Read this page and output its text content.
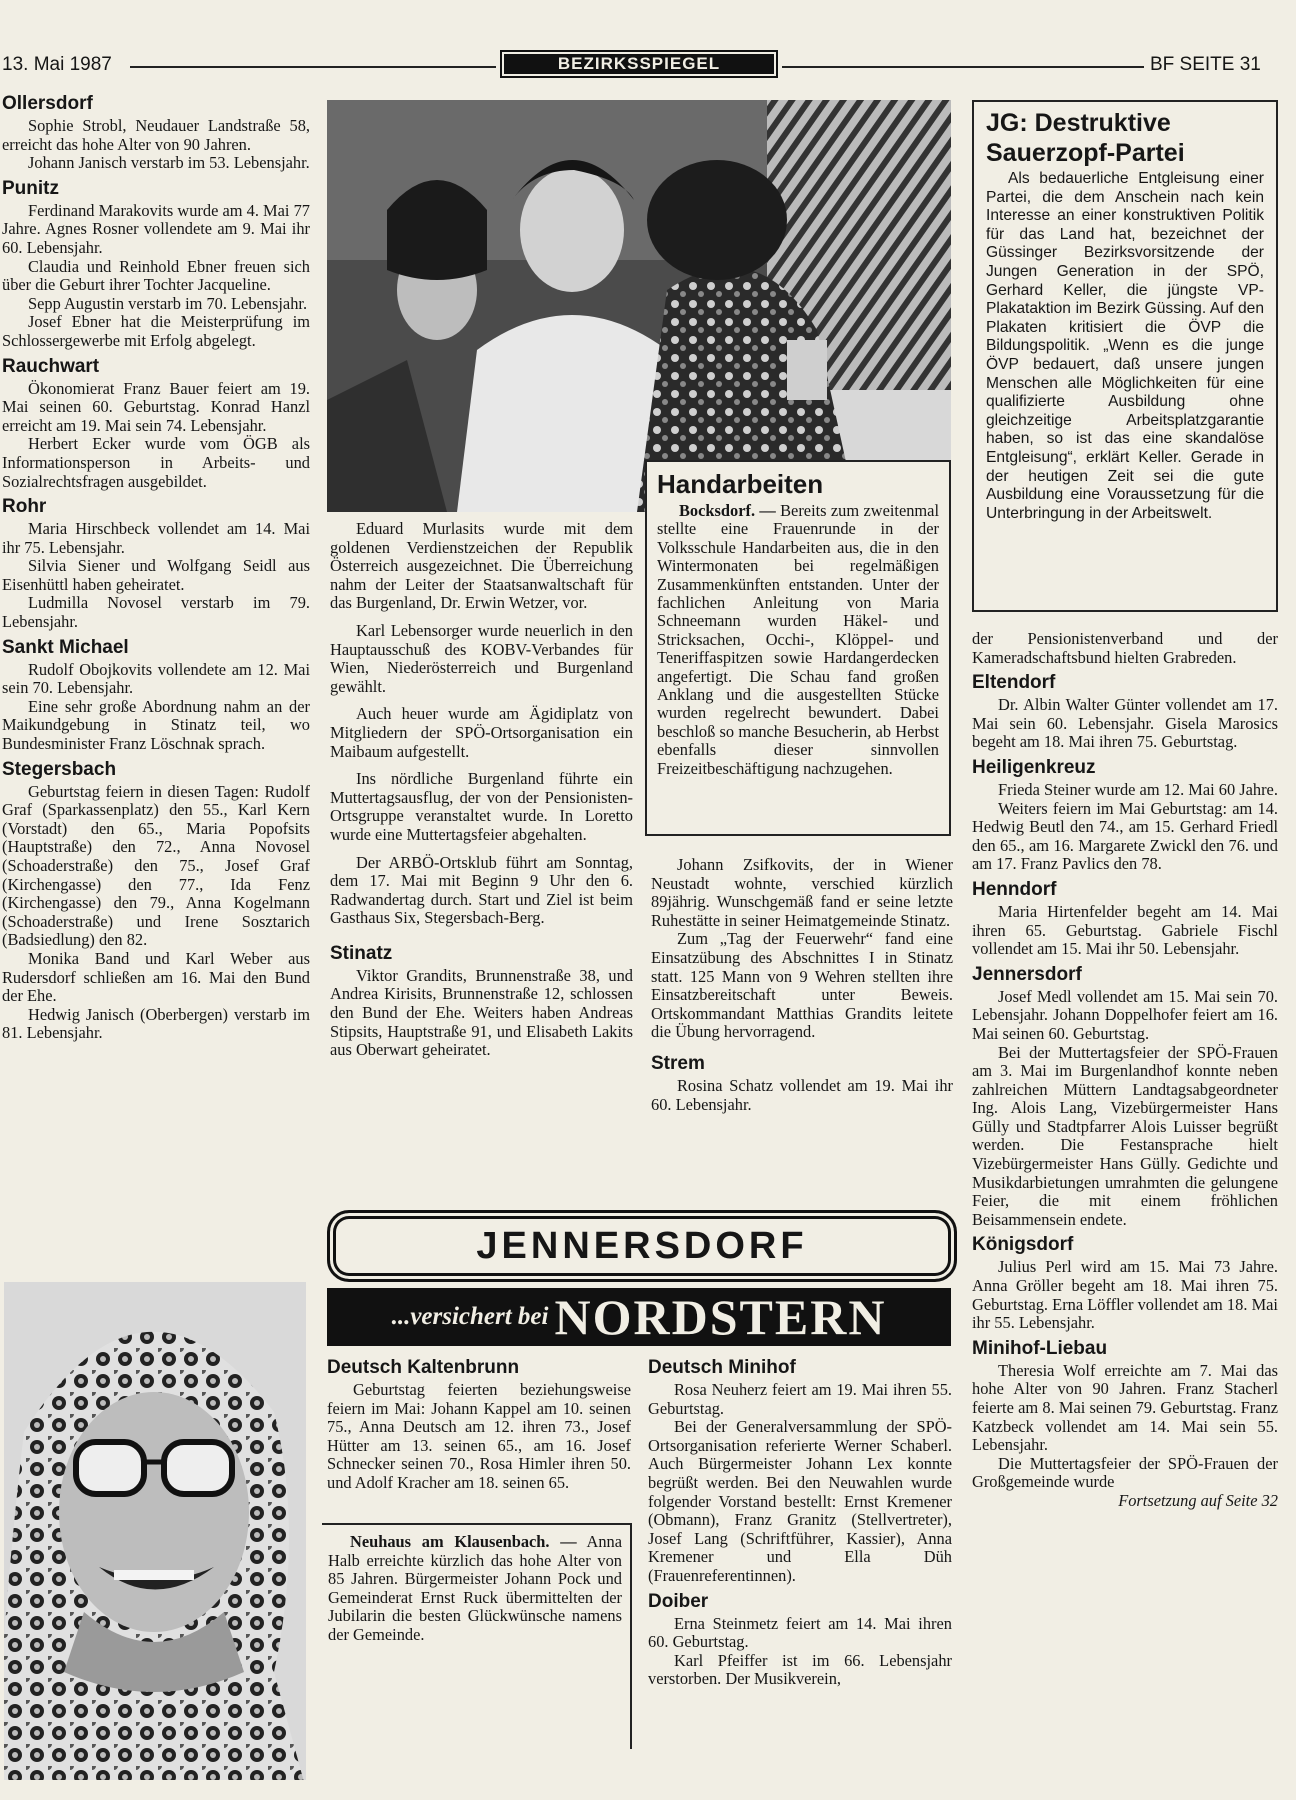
13. Mai 1987	BEZIRKSSPIEGEL	BF SEITE 31
Ollersdorf

Sophie Strobl, Neudauer Landstraße 58, erreicht das hohe Alter von 90 Jahren.

Johann Janisch verstarb im 53. Lebensjahr.

Punitz

Ferdinand Marakovits wurde am 4. Mai 77 Jahre. Agnes Rosner vollendete am 9. Mai ihr 60. Lebensjahr.

Claudia und Reinhold Ebner freuen sich über die Geburt ihrer Tochter Jacqueline.

Sepp Augustin verstarb im 70. Lebensjahr.

Josef Ebner hat die Meisterprüfung im Schlossergewerbe mit Erfolg abgelegt.

Rauchwart

Ökonomierat Franz Bauer feiert am 19. Mai seinen 60. Geburtstag. Konrad Hanzl erreicht am 19. Mai sein 74. Lebensjahr.

Herbert Ecker wurde vom ÖGB als Informationsperson in Arbeits- und Sozialrechtsfragen ausgebildet.

Rohr

Maria Hirschbeck vollendet am 14. Mai ihr 75. Lebensjahr.

Silvia Siener und Wolfgang Seidl aus Eisenhüttl haben geheiratet.

Ludmilla Novosel verstarb im 79. Lebensjahr.

Sankt Michael

Rudolf Obojkovits vollendete am 12. Mai sein 70. Lebensjahr.

Eine sehr große Abordnung nahm an der Maikundgebung in Stinatz teil, wo Bundesminister Franz Löschnak sprach.

Stegersbach

Geburtstag feiern in diesen Tagen: Rudolf Graf (Sparkassenplatz) den 55., Karl Kern (Vorstadt) den 65., Maria Popofsits (Hauptstraße) den 72., Anna Novosel (Schoaderstraße) den 75., Josef Graf (Kirchengasse) den 77., Ida Fenz (Kirchengasse) den 79., Anna Kogelmann (Schoaderstraße) und Irene Sosztarich (Badsiedlung) den 82.

Monika Band und Karl Weber aus Rudersdorf schließen am 16. Mai den Bund der Ehe.

Hedwig Janisch (Oberbergen) verstarb im 81. Lebensjahr.

Eduard Murlasits wurde mit dem goldenen Verdienstzeichen der Republik Österreich ausgezeichnet. Die Überreichung nahm der Leiter der Staatsanwaltschaft für das Burgenland, Dr. Erwin Wetzer, vor.

Karl Lebensorger wurde neuerlich in den Hauptausschuß des KOBV-Verbandes für Wien, Niederösterreich und Burgenland gewählt.

Auch heuer wurde am Ägidiplatz von Mitgliedern der SPÖ-Ortsorganisation ein Maibaum aufgestellt.

Ins nördliche Burgenland führte ein Muttertagsausflug, der von der Pensionisten-Ortsgruppe veranstaltet wurde. In Loretto wurde eine Muttertagsfeier abgehalten.

Der ARBÖ-Ortsklub führt am Sonntag, dem 17. Mai mit Beginn 9 Uhr den 6. Radwandertag durch. Start und Ziel ist beim Gasthaus Six, Stegersbach-Berg.

Stinatz

Viktor Grandits, Brunnenstraße 38, und Andrea Kirisits, Brunnenstraße 12, schlossen den Bund der Ehe. Weiters haben Andreas Stipsits, Hauptstraße 91, und Elisabeth Lakits aus Oberwart geheiratet.

Handarbeiten

Bocksdorf. — Bereits zum zweitenmal stellte eine Frauenrunde in der Volksschule Handarbeiten aus, die in den Wintermonaten bei regelmäßigen Zusammenkünften entstanden. Unter der fachlichen Anleitung von Maria Schneemann wurden Häkel- und Stricksachen, Occhi-, Klöppel- und Teneriffaspitzen sowie Hardangerdecken angefertigt. Die Schau fand großen Anklang und die ausgestellten Stücke wurden regelrecht bewundert. Dabei beschloß so manche Besucherin, ab Herbst ebenfalls dieser sinnvollen Freizeitbeschäftigung nachzugehen.

Johann Zsifkovits, der in Wiener Neustadt wohnte, verschied kürzlich 89jährig. Wunschgemäß fand er seine letzte Ruhestätte in seiner Heimatgemeinde Stinatz.

Zum „Tag der Feuerwehr“ fand eine Einsatzübung des Abschnittes I in Stinatz statt. 125 Mann von 9 Wehren stellten ihre Einsatzbereitschaft unter Beweis. Ortskommandant Matthias Grandits leitete die Übung hervorragend.

Strem

Rosina Schatz vollendet am 19. Mai ihr 60. Lebensjahr.

JG: Destruktive
Sauerzopf-Partei

Als bedauerliche Entgleisung einer Partei, die dem Anschein nach kein Interesse an einer konstruktiven Politik für das Land hat, bezeichnet der Güssinger Bezirksvorsitzende der Jungen Generation in der SPÖ, Gerhard Keller, die jüngste VP-Plakataktion im Bezirk Güssing. Auf den Plakaten kritisiert die ÖVP die Bildungspolitik. „Wenn es die junge ÖVP bedauert, daß unsere jungen Menschen alle Möglichkeiten für eine qualifizierte Ausbildung ohne gleichzeitige Arbeitsplatzgarantie haben, so ist das eine skandalöse Entgleisung“, erklärt Keller. Gerade in der heutigen Zeit sei die gute Ausbildung eine Voraussetzung für die Unterbringung in der Arbeitswelt.

der Pensionistenverband und der Kameradschaftsbund hielten Grabreden.

Eltendorf

Dr. Albin Walter Günter vollendet am 17. Mai sein 60. Lebensjahr. Gisela Marosics begeht am 18. Mai ihren 75. Geburtstag.

Heiligenkreuz

Frieda Steiner wurde am 12. Mai 60 Jahre.

Weiters feiern im Mai Geburtstag: am 14. Hedwig Beutl den 74., am 15. Gerhard Friedl den 65., am 16. Margarete Zwickl den 76. und am 17. Franz Pavlics den 78.

Henndorf

Maria Hirtenfelder begeht am 14. Mai ihren 65. Geburtstag. Gabriele Fischl vollendet am 15. Mai ihr 50. Lebensjahr.

Jennersdorf

Josef Medl vollendet am 15. Mai sein 70. Lebensjahr. Johann Doppelhofer feiert am 16. Mai seinen 60. Geburtstag.

Bei der Muttertagsfeier der SPÖ-Frauen am 3. Mai im Burgenlandhof konnte neben zahlreichen Müttern Landtagsabgeordneter Ing. Alois Lang, Vizebürgermeister Hans Güllу und Stadtpfarrer Alois Luisser begrüßt werden. Die Festansprache hielt Vizebürgermeister Hans Gülly. Gedichte und Musikdarbietungen umrahmten die gelungene Feier, die mit einem fröhlichen Beisammensein endete.

Königsdorf

Julius Perl wird am 15. Mai 73 Jahre. Anna Gröller begeht am 18. Mai ihren 75. Geburtstag. Erna Löffler vollendet am 18. Mai ihr 55. Lebensjahr.

Minihof-Liebau

Theresia Wolf erreichte am 7. Mai das hohe Alter von 90 Jahren. Franz Stacherl feierte am 8. Mai seinen 79. Geburtstag. Franz Katzbeck vollendet am 14. Mai sein 55. Lebensjahr.

Die Muttertagsfeier der SPÖ-Frauen der Großgemeinde wurde

Fortsetzung auf Seite 32
JENNERSDORF
...versichert bei NORDSTERN
Deutsch Kaltenbrunn

Geburtstag feierten beziehungsweise feiern im Mai: Johann Kappel am 10. seinen 75., Anna Deutsch am 12. ihren 73., Josef Hütter am 13. seinen 65., am 16. Josef Schnecker seinen 70., Rosa Himler ihren 50. und Adolf Kracher am 18. seinen 65.

Neuhaus am Klausenbach. — Anna Halb erreichte kürzlich das hohe Alter von 85 Jahren. Bürgermeister Johann Pock und Gemeinderat Ernst Ruck übermittelten der Jubilarin die besten Glückwünsche namens der Gemeinde.

Deutsch Minihof

Rosa Neuherz feiert am 19. Mai ihren 55. Geburtstag.

Bei der Generalversammlung der SPÖ-Ortsorganisation referierte Werner Schaberl. Auch Bürgermeister Johann Lex konnte begrüßt werden. Bei den Neuwahlen wurde folgender Vorstand bestellt: Ernst Kremener (Obmann), Franz Granitz (Stellvertreter), Josef Lang (Schriftführer, Kassier), Anna Kremener und Ella Düh (Frauenreferentinnen).

Doiber

Erna Steinmetz feiert am 14. Mai ihren 60. Geburtstag.

Karl Pfeiffer ist im 66. Lebensjahr verstorben. Der Musikverein,
